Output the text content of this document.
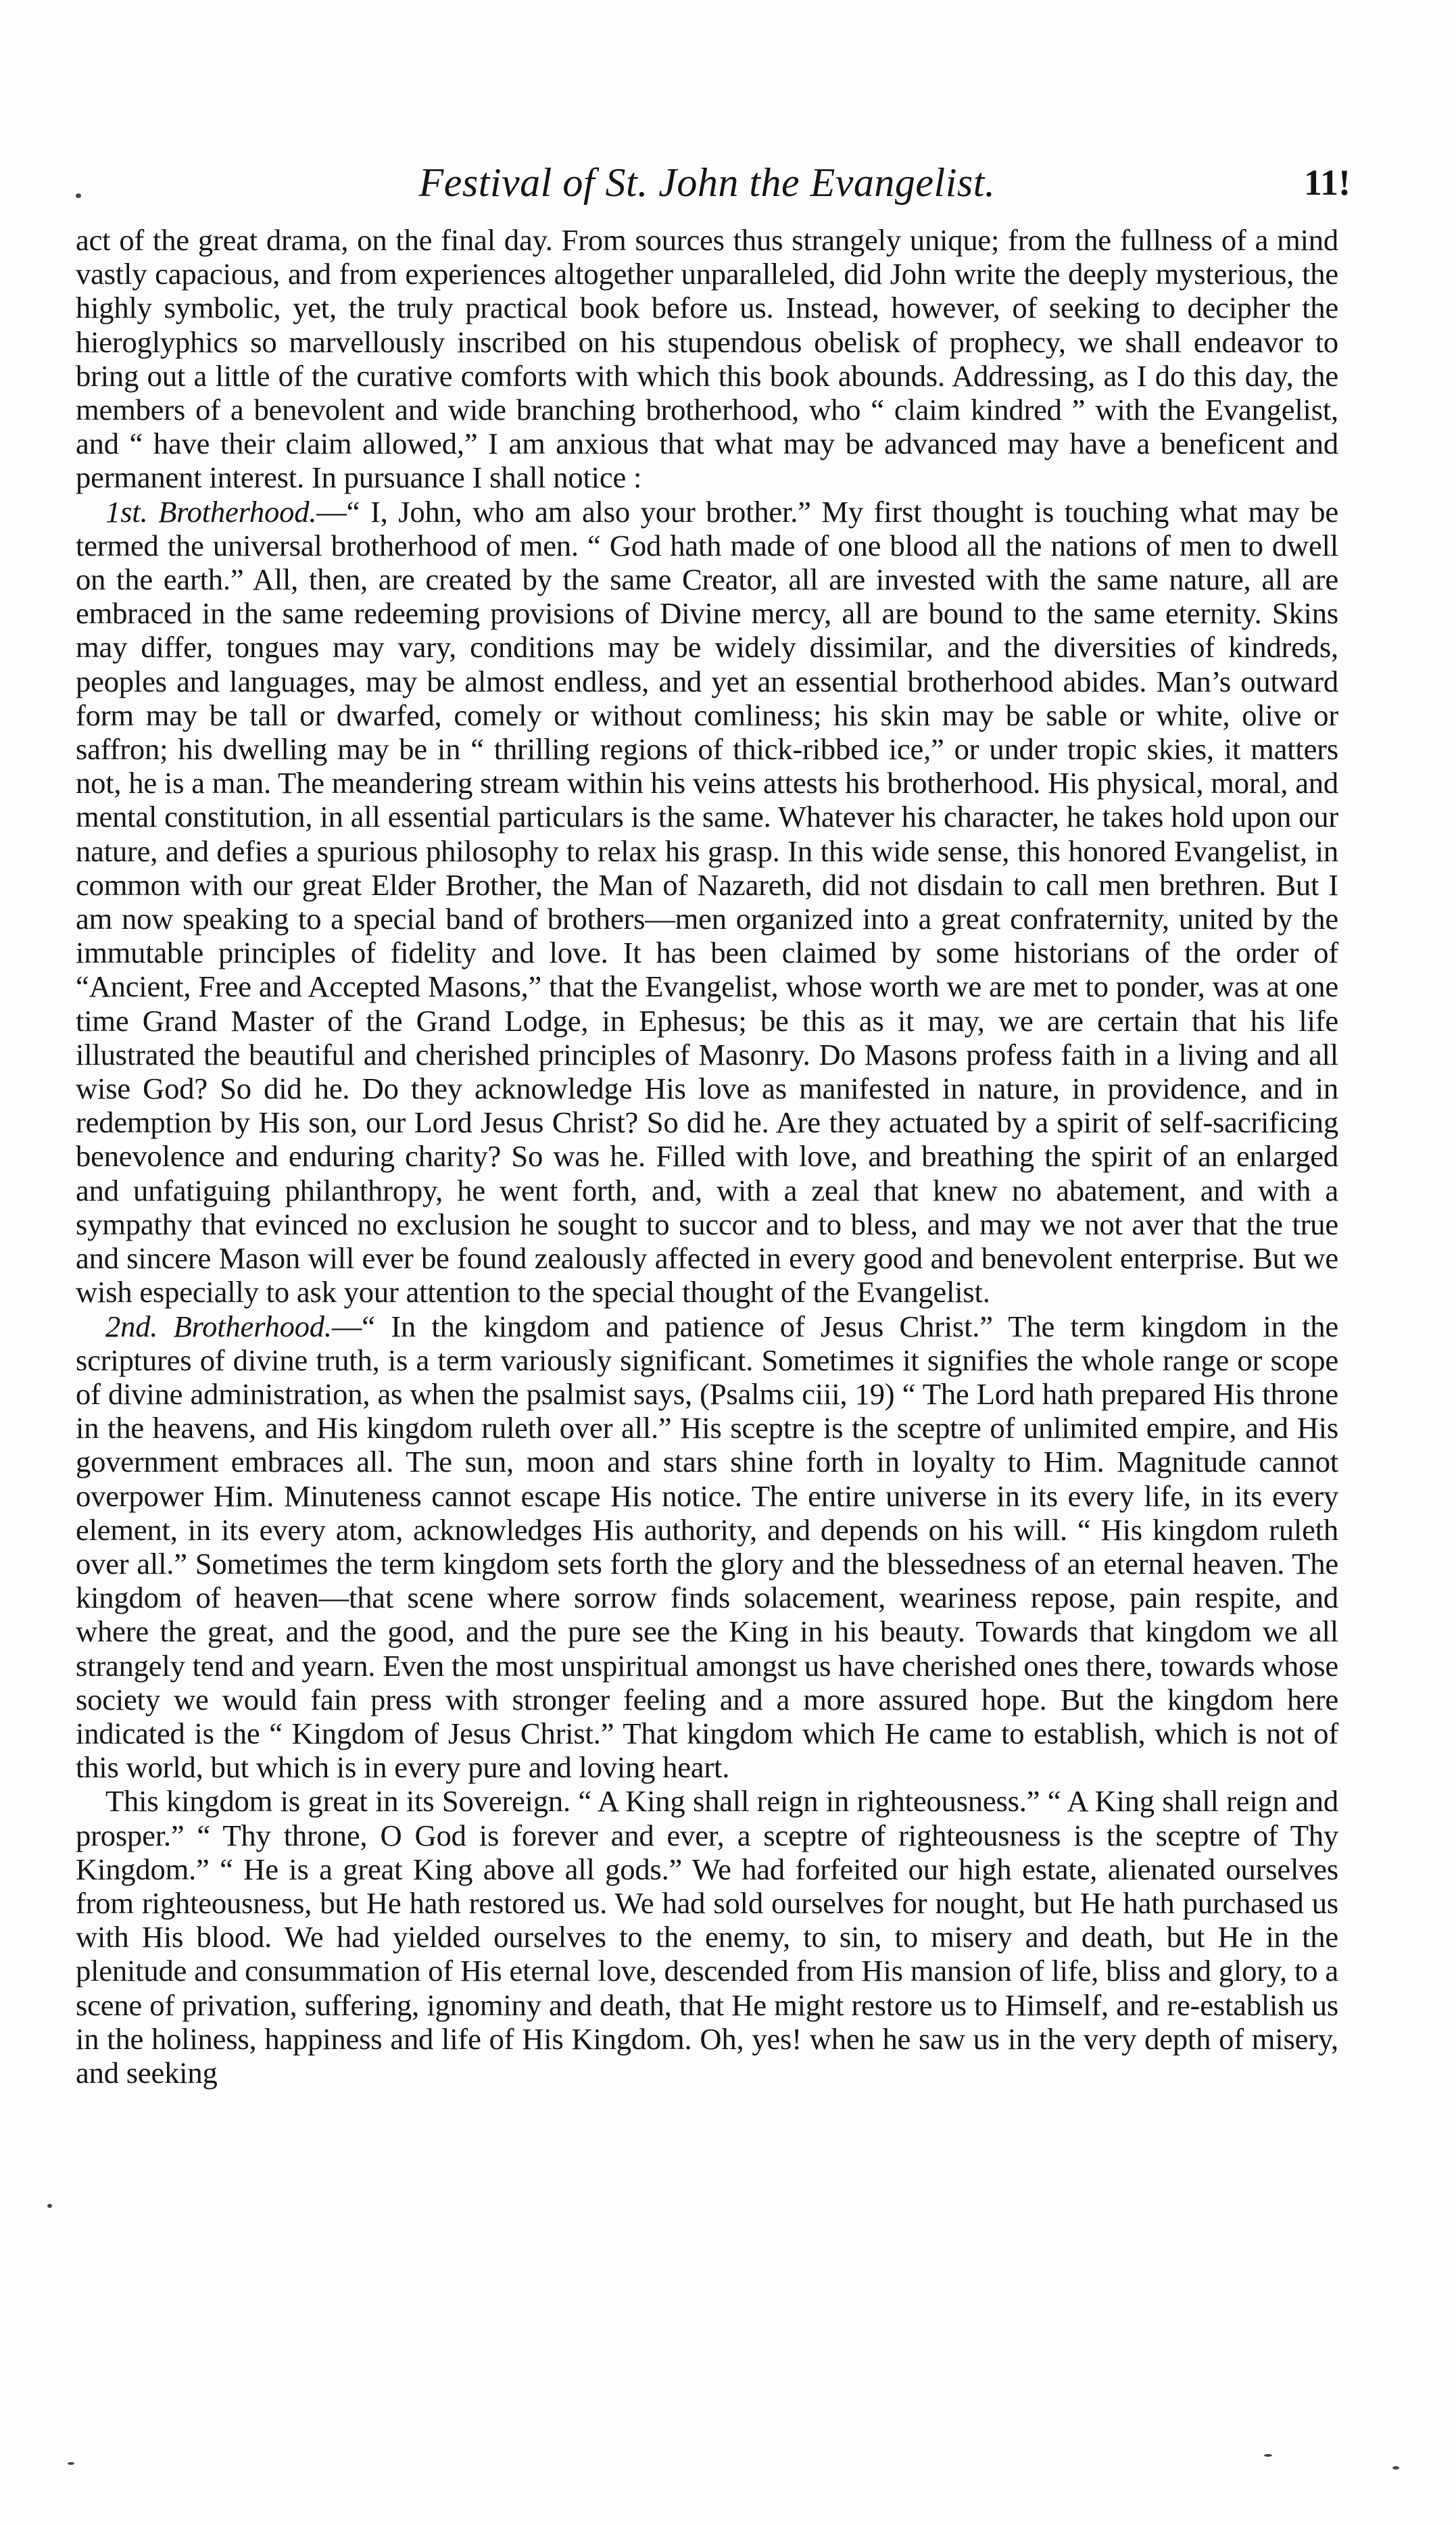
Festival of St. John the Evangelist.	11!

act of the great drama, on the final day. From sources thus strangely unique; from the fullness of a mind vastly capacious, and from experiences altogether unparalleled, did John write the deeply mysterious, the highly symbolic, yet, the truly practical book before us. Instead, however, of seeking to decipher the hieroglyphics so marvellously inscribed on his stupendous obelisk of prophecy, we shall endeavor to bring out a little of the curative comforts with which this book abounds. Addressing, as I do this day, the members of a benevolent and wide branching brotherhood, who “ claim kindred ” with the Evangelist, and “ have their claim allowed,” I am anxious that what may be advanced may have a beneficent and permanent interest. In pursuance I shall notice :

1st. Brotherhood.—“ I, John, who am also your brother.” My first thought is touching what may be termed the universal brotherhood of men. “ God hath made of one blood all the nations of men to dwell on the earth.” All, then, are created by the same Creator, all are invested with the same nature, all are embraced in the same redeeming provisions of Divine mercy, all are bound to the same eternity. Skins may differ, tongues may vary, conditions may be widely dissimilar, and the diversities of kindreds, peoples and languages, may be almost endless, and yet an essential brotherhood abides. Man’s outward form may be tall or dwarfed, comely or without comliness; his skin may be sable or white, olive or saffron; his dwelling may be in “ thrilling regions of thick-ribbed ice,” or under tropic skies, it matters not, he is a man. The meandering stream within his veins attests his brotherhood. His physical, moral, and mental constitution, in all essential particulars is the same. Whatever his character, he takes hold upon our nature, and defies a spurious philosophy to relax his grasp. In this wide sense, this honored Evangelist, in common with our great Elder Brother, the Man of Nazareth, did not disdain to call men brethren. But I am now speaking to a special band of brothers—men organized into a great confraternity, united by the immutable principles of fidelity and love. It has been claimed by some historians of the order of “Ancient, Free and Accepted Masons,” that the Evangelist, whose worth we are met to ponder, was at one time Grand Master of the Grand Lodge, in Ephesus; be this as it may, we are certain that his life illustrated the beautiful and cherished principles of Masonry. Do Masons profess faith in a living and all wise God? So did he. Do they acknowledge His love as manifested in nature, in providence, and in redemption by His son, our Lord Jesus Christ? So did he. Are they actuated by a spirit of self-sacrificing benevolence and enduring charity? So was he. Filled with love, and breathing the spirit of an enlarged and unfatiguing philanthropy, he went forth, and, with a zeal that knew no abatement, and with a sympathy that evinced no exclusion he sought to succor and to bless, and may we not aver that the true and sincere Mason will ever be found zealously affected in every good and benevolent enterprise. But we wish especially to ask your attention to the special thought of the Evangelist.

2nd. Brotherhood.—“ In the kingdom and patience of Jesus Christ.” The term kingdom in the scriptures of divine truth, is a term variously significant. Sometimes it signifies the whole range or scope of divine administration, as when the psalmist says, (Psalms ciii, 19) “ The Lord hath prepared His throne in the heavens, and His kingdom ruleth over all.” His sceptre is the sceptre of unlimited empire, and His government embraces all. The sun, moon and stars shine forth in loyalty to Him. Magnitude cannot overpower Him. Minuteness cannot escape His notice. The entire universe in its every life, in its every element, in its every atom, acknowledges His authority, and depends on his will. “ His kingdom ruleth over all.” Sometimes the term kingdom sets forth the glory and the blessedness of an eternal heaven. The kingdom of heaven—that scene where sorrow finds solacement, weariness repose, pain respite, and where the great, and the good, and the pure see the King in his beauty. Towards that kingdom we all strangely tend and yearn. Even the most unspiritual amongst us have cherished ones there, towards whose society we would fain press with stronger feeling and a more assured hope. But the kingdom here indicated is the “ Kingdom of Jesus Christ.” That kingdom which He came to establish, which is not of this world, but which is in every pure and loving heart.

This kingdom is great in its Sovereign. “ A King shall reign in righteousness.” “ A King shall reign and prosper.” “ Thy throne, O God is forever and ever, a sceptre of righteousness is the sceptre of Thy Kingdom.” “ He is a great King above all gods.” We had forfeited our high estate, alienated ourselves from righteousness, but He hath restored us. We had sold ourselves for nought, but He hath purchased us with His blood. We had yielded ourselves to the enemy, to sin, to misery and death, but He in the plenitude and consummation of His eternal love, descended from His mansion of life, bliss and glory, to a scene of privation, suffering, ignominy and death, that He might restore us to Himself, and re-establish us in the holiness, happiness and life of His Kingdom. Oh, yes! when he saw us in the very depth of misery, and seeking
